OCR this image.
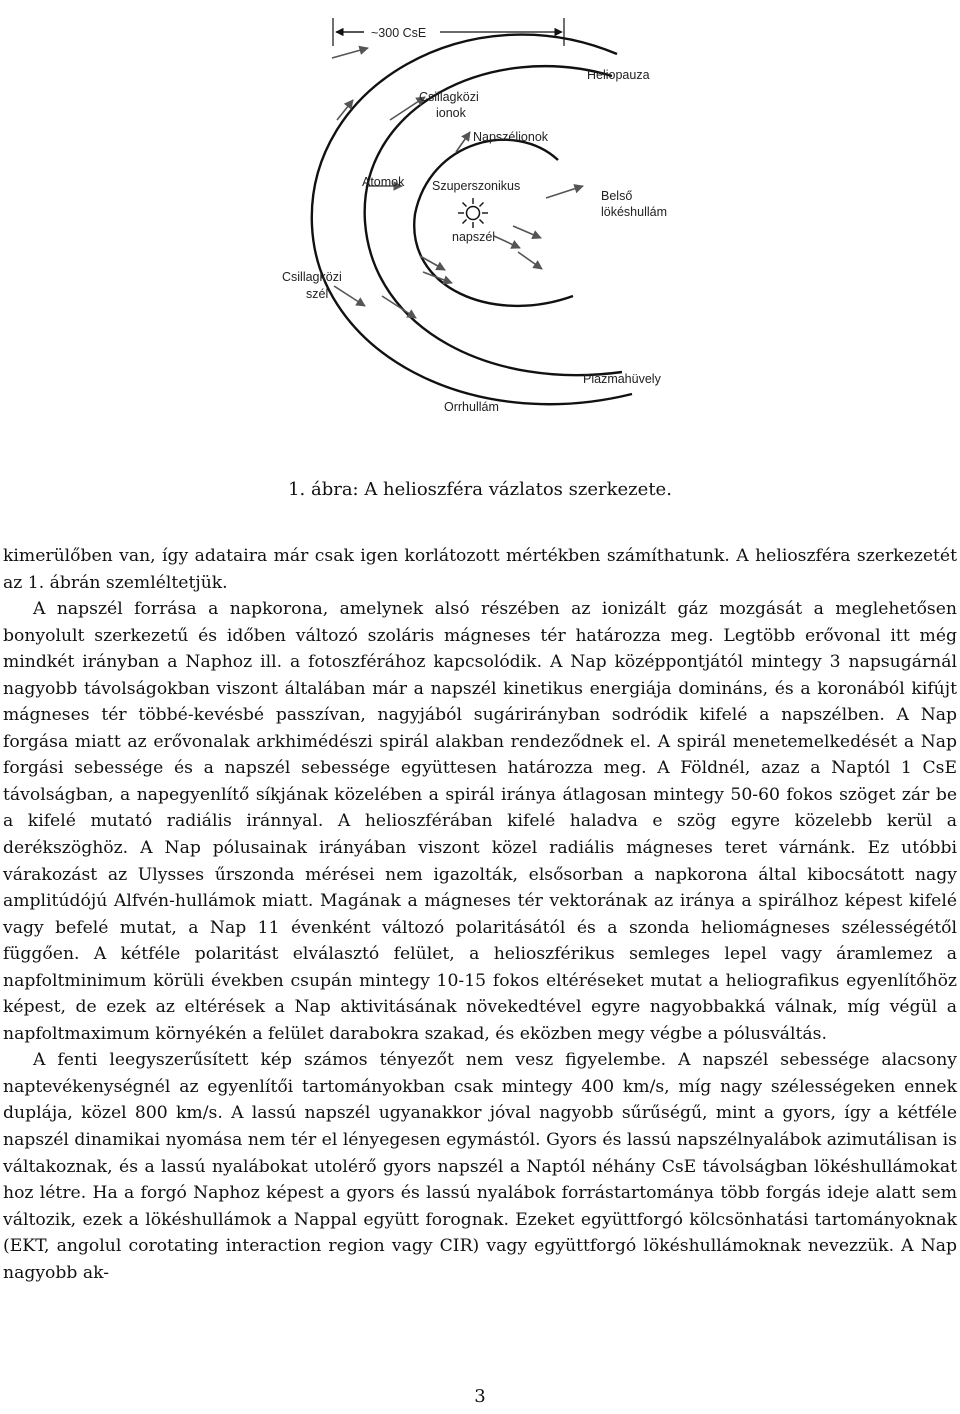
~300 CsE
Heliopauza
Csillagközi
ionok
Napszélionok
Atomok Szuperszonikus
Belső
lökéshullám
napszél
Csillagközi
szél
Plazmahüvely
Orrhullám
1. ábra: A helioszféra vázlatos szerkezete.

kimerülőben van, így adataira már csak igen korlátozott mértékben számíthatunk. A helioszféra szerkezetét az 1. ábrán szemléltetjük.

A napszél forrása a napkorona, amelynek alsó részében az ionizált gáz mozgását a meglehetősen bonyolult szerkezetű és időben változó szoláris mágneses tér határozza meg. Legtöbb erővonal itt még mindkét irányban a Naphoz ill. a fotoszférához kapcsolódik. A Nap középpontjától mintegy 3 napsugárnál nagyobb távolságokban viszont általában már a napszél kinetikus energiája domináns, és a koronából kifújt mágneses tér többé-kevésbé passzívan, nagyjából sugárirányban sodródik kifelé a napszélben. A Nap forgása miatt az erővonalak arkhimédészi spirál alakban rendeződnek el. A spirál menetemelkedését a Nap forgási sebessége és a napszél sebessége együttesen határozza meg. A Földnél, azaz a Naptól 1 CsE távolságban, a napegyenlítő síkjának közelében a spirál iránya átlagosan mintegy 50-60 fokos szöget zár be a kifelé mutató radiális iránnyal. A helioszférában kifelé haladva e szög egyre közelebb kerül a derékszöghöz. A Nap pólusainak irányában viszont közel radiális mágneses teret várnánk. Ez utóbbi várakozást az Ulysses űrszonda mérései nem igazolták, elsősorban a napkorona által kibocsátott nagy amplitúdójú Alfvén-hullámok miatt. Magának a mágneses tér vektorának az iránya a spirálhoz képest kifelé vagy befelé mutat, a Nap 11 évenként változó polaritásától és a szonda heliomágneses szélességétől függően. A kétféle polaritást elválasztó felület, a helioszférikus semleges lepel vagy áramlemez a napfoltminimum körüli években csupán mintegy 10-15 fokos eltéréseket mutat a heliografikus egyenlítőhöz képest, de ezek az eltérések a Nap aktivitásának növekedtével egyre nagyobbakká válnak, míg végül a napfoltmaximum környékén a felület darabokra szakad, és eközben megy végbe a pólusváltás.

A fenti leegyszerűsített kép számos tényezőt nem vesz figyelembe. A napszél sebessége alacsony naptevékenységnél az egyenlítői tartományokban csak mintegy 400 km/s, míg nagy szélességeken ennek duplája, közel 800 km/s. A lassú napszél ugyanakkor jóval nagyobb sűrűségű, mint a gyors, így a kétféle napszél dinamikai nyomása nem tér el lényegesen egymástól. Gyors és lassú napszélnyalábok azimutálisan is váltakoznak, és a lassú nyalábokat utolérő gyors napszél a Naptól néhány CsE távolságban lökéshullámokat hoz létre. Ha a forgó Naphoz képest a gyors és lassú nyalábok forrástartománya több forgás ideje alatt sem változik, ezek a lökéshullámok a Nappal együtt forognak. Ezeket együttforgó kölcsönhatási tartományoknak (EKT, angolul corotating interaction region vagy CIR) vagy együttforgó lökéshullámoknak nevezzük. A Nap nagyobb ak-

3
